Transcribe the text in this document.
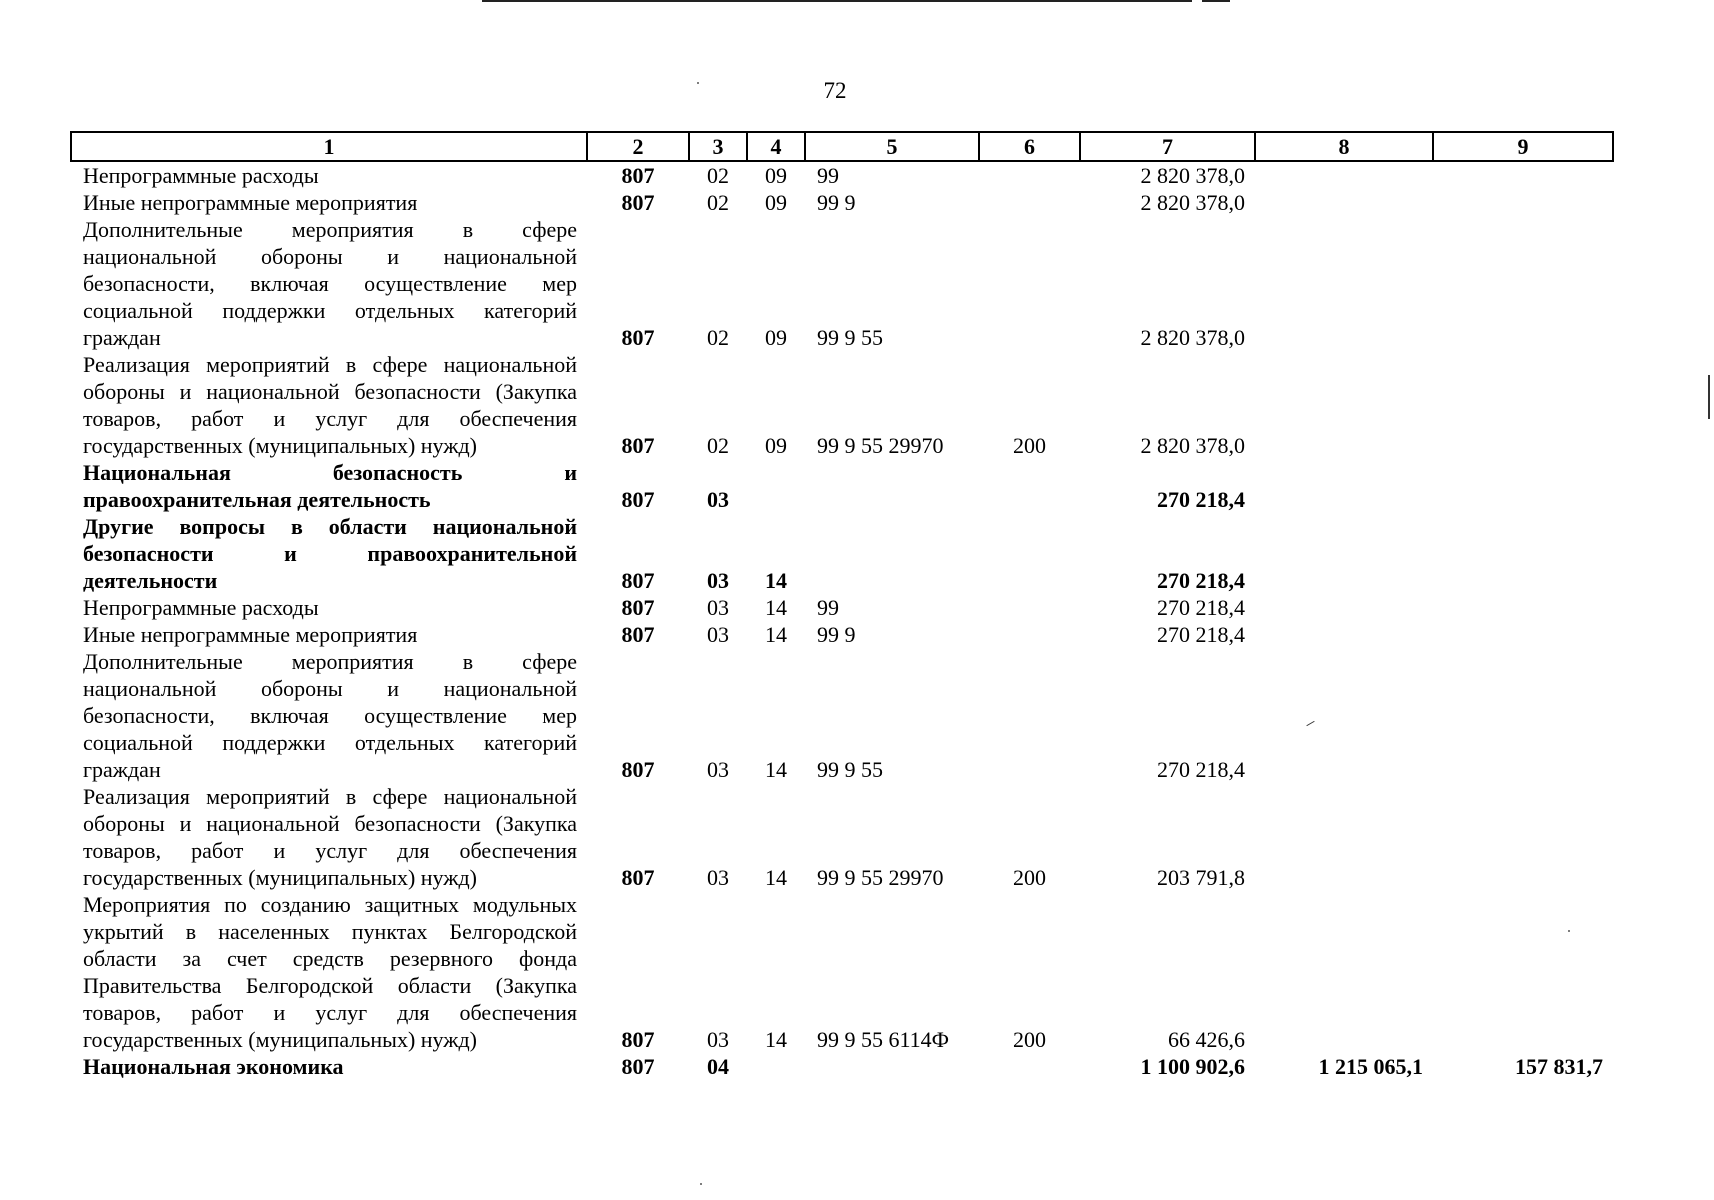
72
1	2	3	4	5	6	7	8	9
Непрограммные расходы	807	02	09	99		2 820 378,0		
Иные непрограммные мероприятия	807	02	09	99 9		2 820 378,0		
Дополнительные мероприятия в сфере национальной обороны и национальной безопасности, включая осуществление мер социальной поддержки отдельных категорий граждан	807	02	09	99 9 55		2 820 378,0		
Реализация мероприятий в сфере национальной обороны и национальной безопасности (Закупка товаров, работ и услуг для обеспечения государственных (муниципальных) нужд)	807	02	09	99 9 55 29970	200	2 820 378,0		
Национальная безопасность и правоохранительная деятельность	807	03				270 218,4		
Другие вопросы в области национальной безопасности и правоохранительной деятельности	807	03	14			270 218,4		
Непрограммные расходы	807	03	14	99		270 218,4		
Иные непрограммные мероприятия	807	03	14	99 9		270 218,4		
Дополнительные мероприятия в сфере национальной обороны и национальной безопасности, включая осуществление мер социальной поддержки отдельных категорий граждан	807	03	14	99 9 55		270 218,4		
Реализация мероприятий в сфере национальной обороны и национальной безопасности (Закупка товаров, работ и услуг для обеспечения государственных (муниципальных) нужд)	807	03	14	99 9 55 29970	200	203 791,8		
Мероприятия по созданию защитных модульных укрытий в населенных пунктах Белгородской области за счет средств резервного фонда Правительства Белгородской области (Закупка товаров, работ и услуг для обеспечения государственных (муниципальных) нужд)	807	03	14	99 9 55 6114Ф	200	66 426,6		
Национальная экономика	807	04				1 100 902,6	1 215 065,1	157 831,7
